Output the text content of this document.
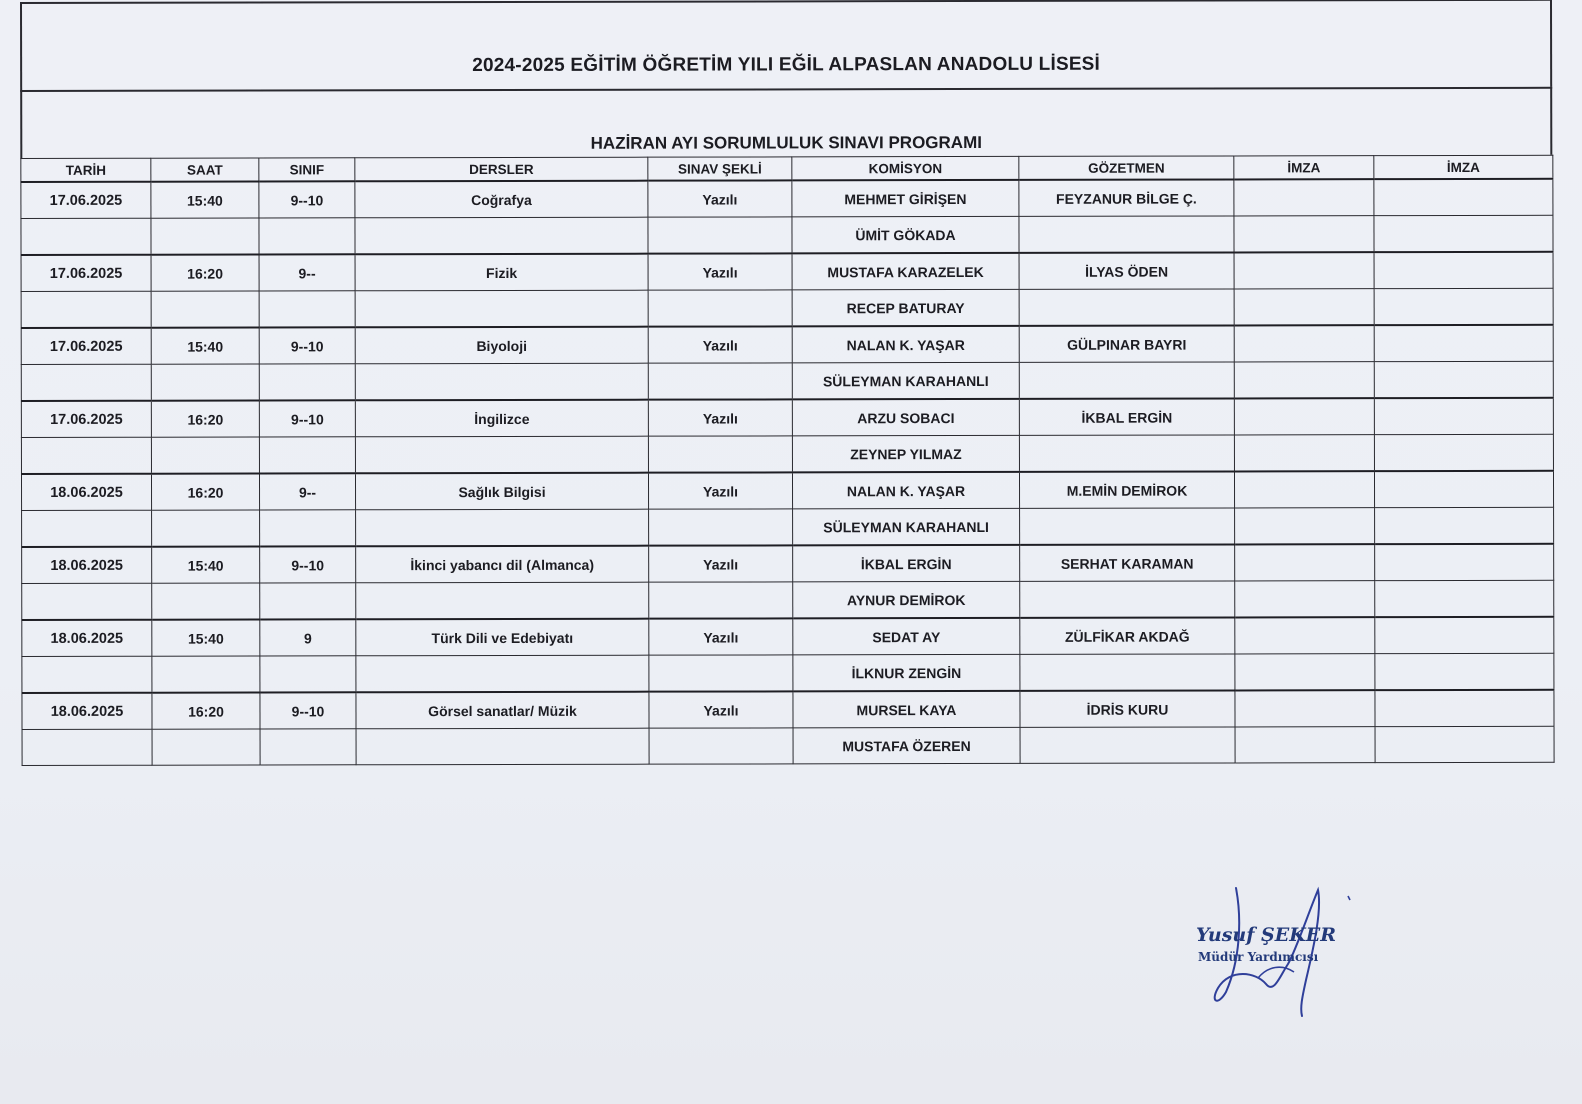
2024-2025 EĞİTİM ÖĞRETİM YILI EĞİL ALPASLAN ANADOLU LİSESİ
HAZİRAN AYI SORUMLULUK SINAVI PROGRAMI
TARİH	SAAT	SINIF	DERSLER	SINAV ŞEKLİ	KOMİSYON	GÖZETMEN	İMZA	İMZA
17.06.2025	15:40	9--10	Coğrafya	Yazılı	MEHMET GİRİŞEN	FEYZANUR BİLGE Ç.		
					ÜMİT GÖKADA			
17.06.2025	16:20	9--	Fizik	Yazılı	MUSTAFA KARAZELEK	İLYAS ÖDEN		
					RECEP BATURAY			
17.06.2025	15:40	9--10	Biyoloji	Yazılı	NALAN K. YAŞAR	GÜLPINAR BAYRI		
					SÜLEYMAN KARAHANLI			
17.06.2025	16:20	9--10	İngilizce	Yazılı	ARZU SOBACI	İKBAL ERGİN		
					ZEYNEP YILMAZ			
18.06.2025	16:20	9--	Sağlık Bilgisi	Yazılı	NALAN K. YAŞAR	M.EMİN DEMİROK		
					SÜLEYMAN KARAHANLI			
18.06.2025	15:40	9--10	İkinci yabancı dil (Almanca)	Yazılı	İKBAL ERGİN	SERHAT KARAMAN		
					AYNUR DEMİROK			
18.06.2025	15:40	9	Türk Dili ve Edebiyatı	Yazılı	SEDAT AY	ZÜLFİKAR AKDAĞ		
					İLKNUR ZENGİN			
18.06.2025	16:20	9--10	Görsel sanatlar/ Müzik	Yazılı	MURSEL KAYA	İDRİS KURU		
					MUSTAFA ÖZEREN			
Yusuf ŞEKER
Müdür Yardımcısı
